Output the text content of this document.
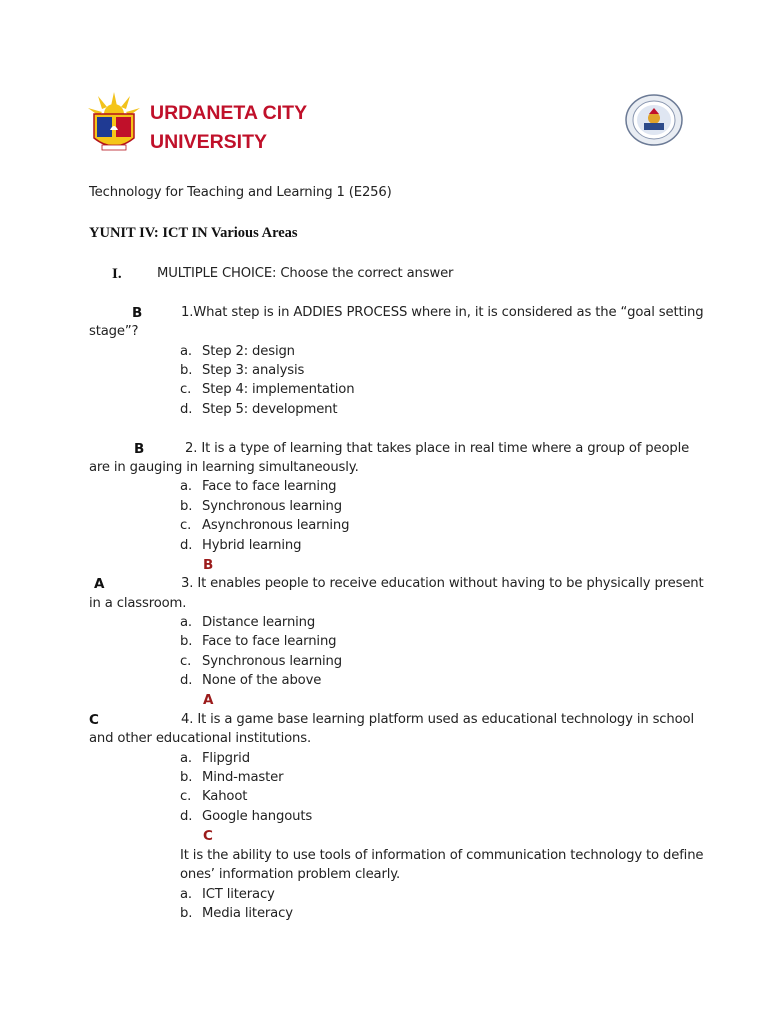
URDANETA CITY
UNIVERSITY
Technology for Teaching and Learning 1 (E256)
YUNIT IV: ICT IN Various Areas
I.	MULTIPLE CHOICE: Choose the correct answer
B	1.What step is in ADDIES PROCESS where in, it is considered as the “goal setting
stage”?
a. Step 2: design
b. Step 3: analysis
c. Step 4: implementation
d. Step 5: development
B	2. It is a type of learning that takes place in real time where a group of people
are in gauging in learning simultaneously.
a. Face to face learning
b. Synchronous learning
c. Asynchronous learning
d. Hybrid learning
B
A	3. It enables people to receive education without having to be physically present
in a classroom.
a. Distance learning
b. Face to face learning
c. Synchronous learning
d. None of the above
A
C	4. It is a game base learning platform used as educational technology in school
and other educational institutions.
a. Flipgrid
b. Mind-master
c. Kahoot
d. Google hangouts
C
It is the ability to use tools of information of communication technology to define
ones’ information problem clearly.
a. ICT literacy
b. Media literacy
